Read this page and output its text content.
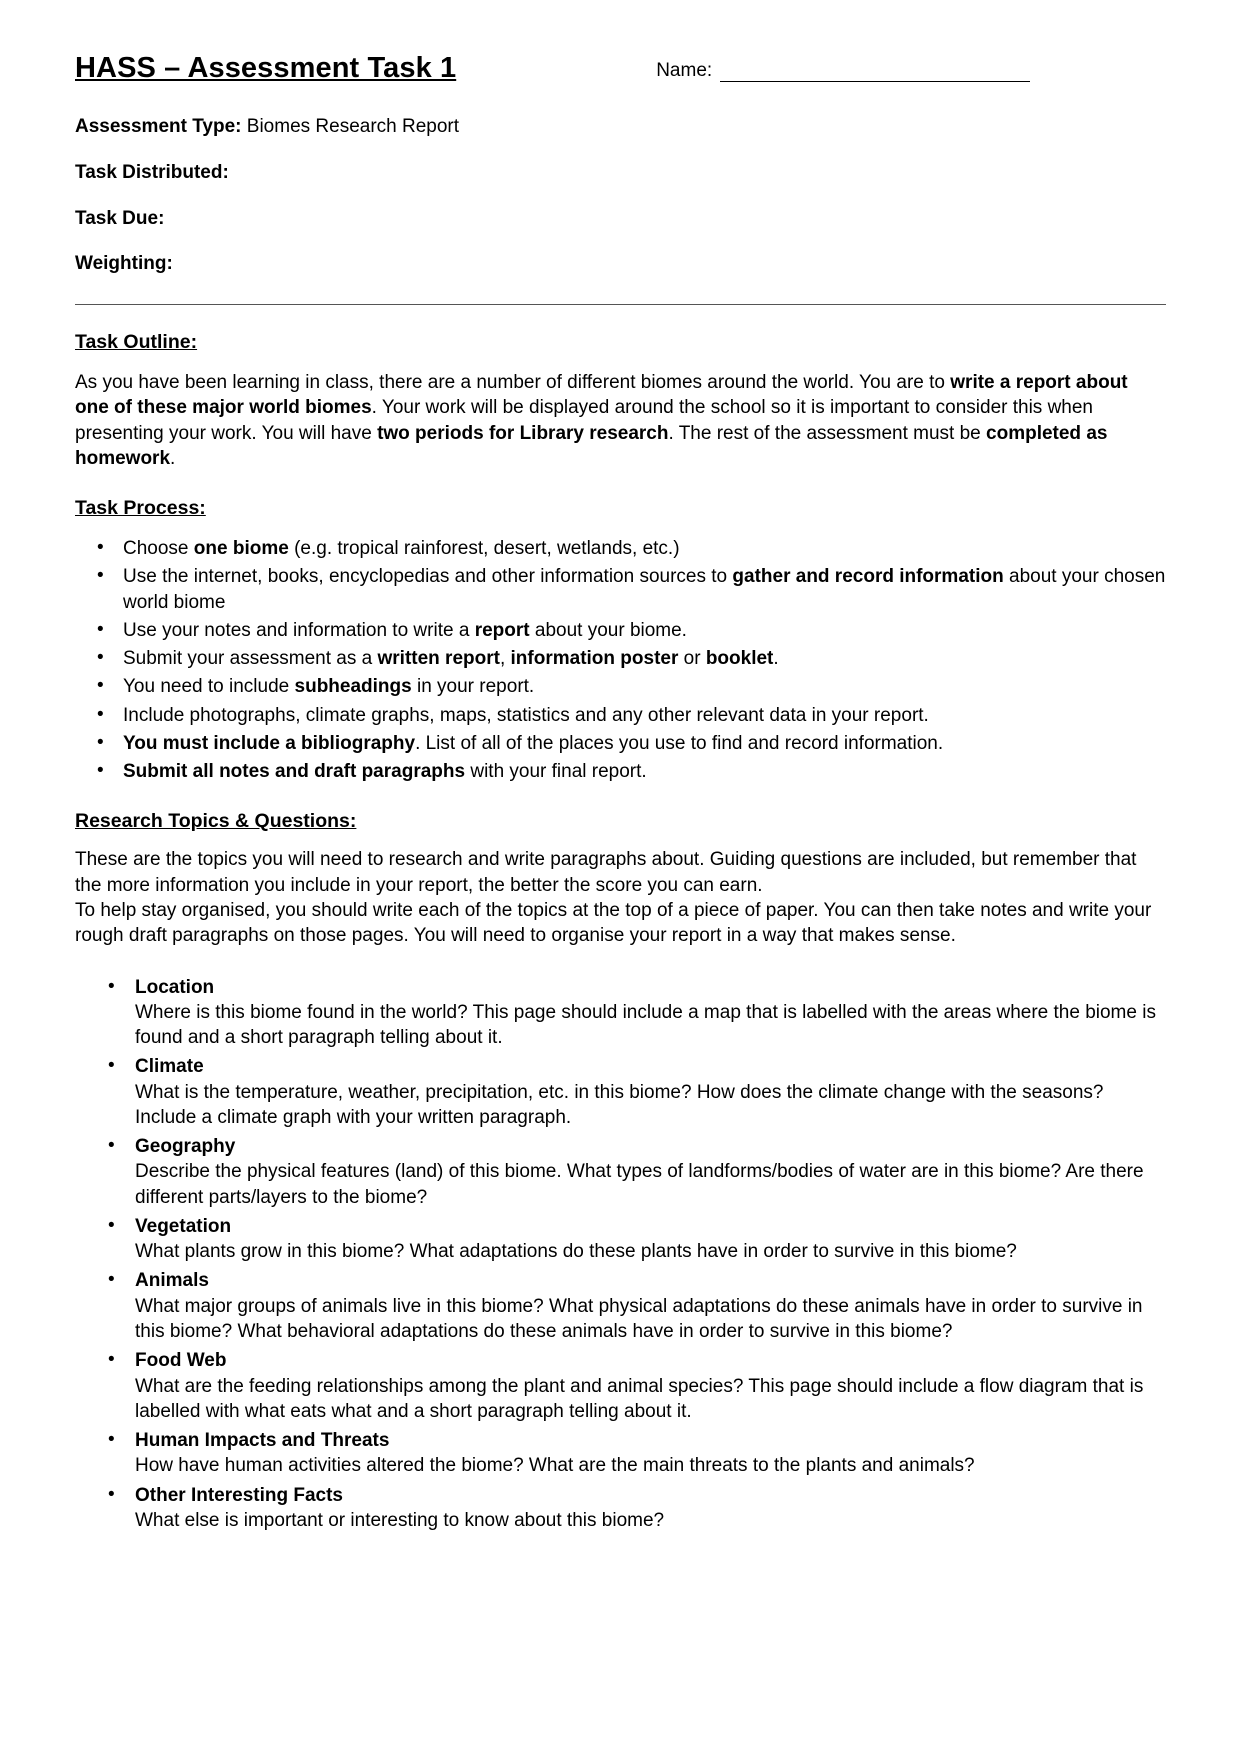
HASS – Assessment Task 1	Name:
Assessment Type: Biomes Research Report
Task Distributed:
Task Due:
Weighting:
Task Outline:

As you have been learning in class, there are a number of different biomes around the world. You are to write a report about one of these major world biomes. Your work will be displayed around the school so it is important to consider this when presenting your work. You will have two periods for Library research. The rest of the assessment must be completed as homework.

Task Process:
• Choose one biome (e.g. tropical rainforest, desert, wetlands, etc.)
• Use the internet, books, encyclopedias and other information sources to gather and record information about your chosen world biome
• Use your notes and information to write a report about your biome.
• Submit your assessment as a written report, information poster or booklet.
• You need to include subheadings in your report.
• Include photographs, climate graphs, maps, statistics and any other relevant data in your report.
• You must include a bibliography. List of all of the places you use to find and record information.
• Submit all notes and draft paragraphs with your final report.
Research Topics & Questions:

These are the topics you will need to research and write paragraphs about. Guiding questions are included, but remember that the more information you include in your report, the better the score you can earn.

To help stay organised, you should write each of the topics at the top of a piece of paper. You can then take notes and write your rough draft paragraphs on those pages. You will need to organise your report in a way that makes sense.

• Location
Where is this biome found in the world? This page should include a map that is labelled with the areas where the biome is found and a short paragraph telling about it.
• Climate
What is the temperature, weather, precipitation, etc. in this biome? How does the climate change with the seasons? Include a climate graph with your written paragraph.
• Geography
Describe the physical features (land) of this biome. What types of landforms/bodies of water are in this biome? Are there different parts/layers to the biome?
• Vegetation
What plants grow in this biome? What adaptations do these plants have in order to survive in this biome?
• Animals
What major groups of animals live in this biome? What physical adaptations do these animals have in order to survive in this biome? What behavioral adaptations do these animals have in order to survive in this biome?
• Food Web
What are the feeding relationships among the plant and animal species? This page should include a flow diagram that is labelled with what eats what and a short paragraph telling about it.
• Human Impacts and Threats
How have human activities altered the biome? What are the main threats to the plants and animals?
• Other Interesting Facts
What else is important or interesting to know about this biome?
